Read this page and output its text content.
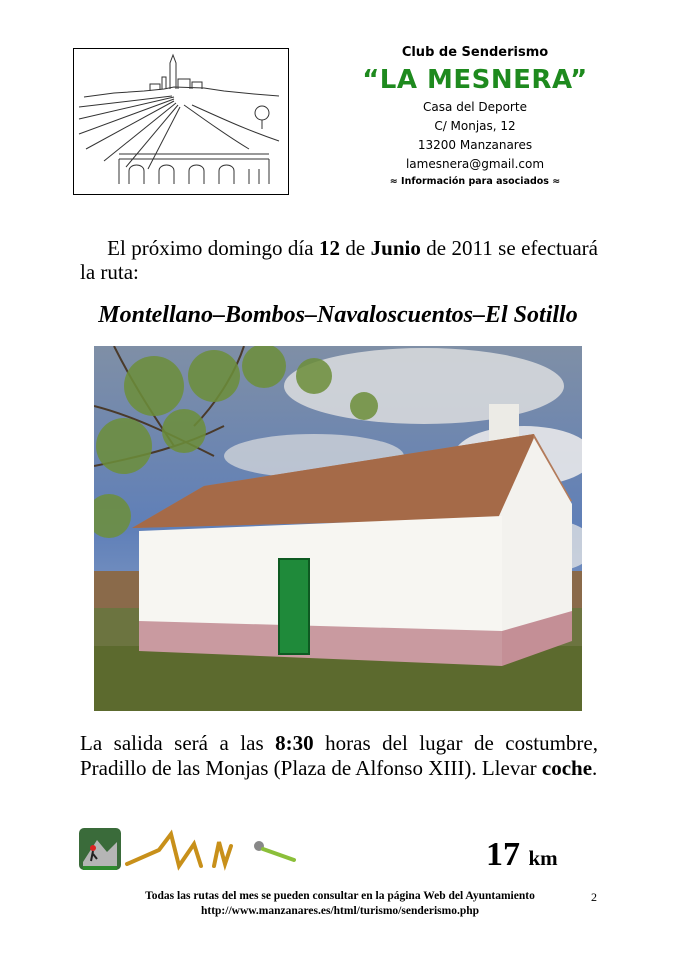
Club de Senderismo
“LA MESNERA”
Casa del Deporte
C/ Monjas, 12
13200 Manzanares
lamesnera@gmail.com
≈ Información para asociados ≈
El próximo domingo día 12 de Junio de 2011 se efectuará la ruta:
Montellano–Bombos–Navaloscuentos–El Sotillo
La salida será a las 8:30 horas del lugar de costumbre, Pradillo de las Monjas (Plaza de Alfonso XIII). Llevar coche.
17 km
Todas las rutas del mes se pueden consultar en la página Web del Ayuntamiento
http://www.manzanares.es/html/turismo/senderismo.php
2
